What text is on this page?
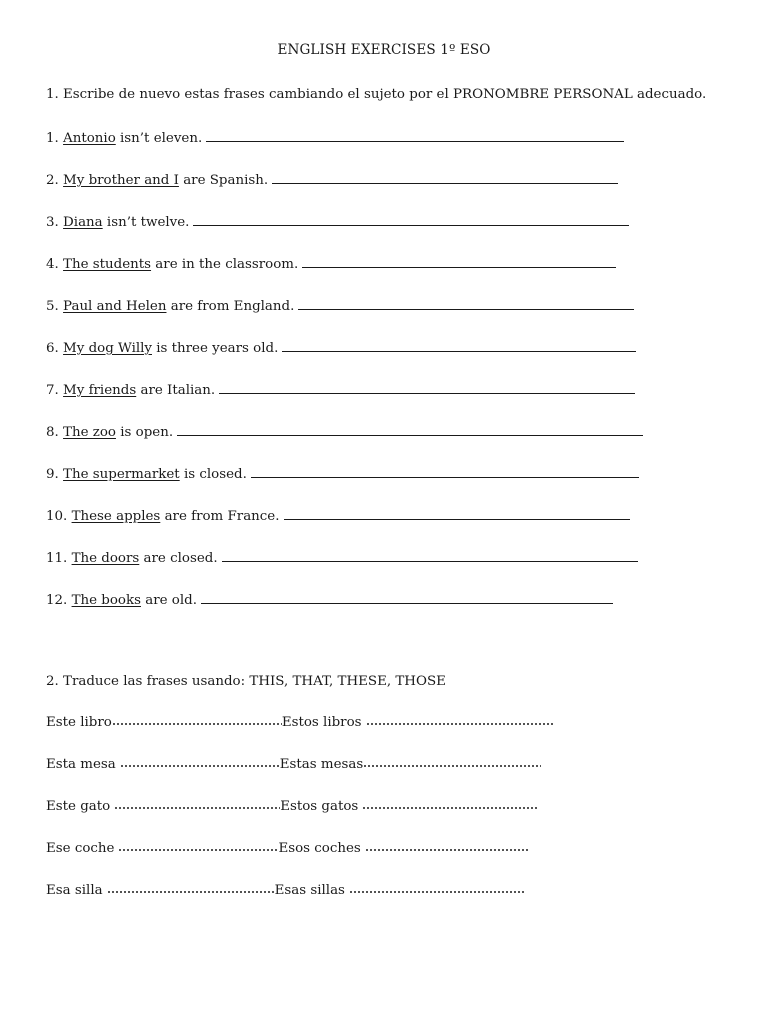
ENGLISH EXERCISES 1º ESO
1. Escribe de nuevo estas frases cambiando el sujeto por el PRONOMBRE PERSONAL adecuado.
1. Antonio isn’t eleven.
2. My brother and I are Spanish.
3. Diana isn’t twelve.
4. The students are in the classroom.
5. Paul and Helen are from England.
6. My dog Willy is three years old.
7. My friends are Italian.
8. The zoo is open.
9. The supermarket is closed.
10. These apples are from France.
11. The doors are closed.
12. The books are old.
2. Traduce las frases usando: THIS, THAT, THESE, THOSE
Este libro	Estos libros
Esta mesa	Estas mesas
Este gato	Estos gatos
Ese coche	Esos coches
Esa silla	Esas sillas
